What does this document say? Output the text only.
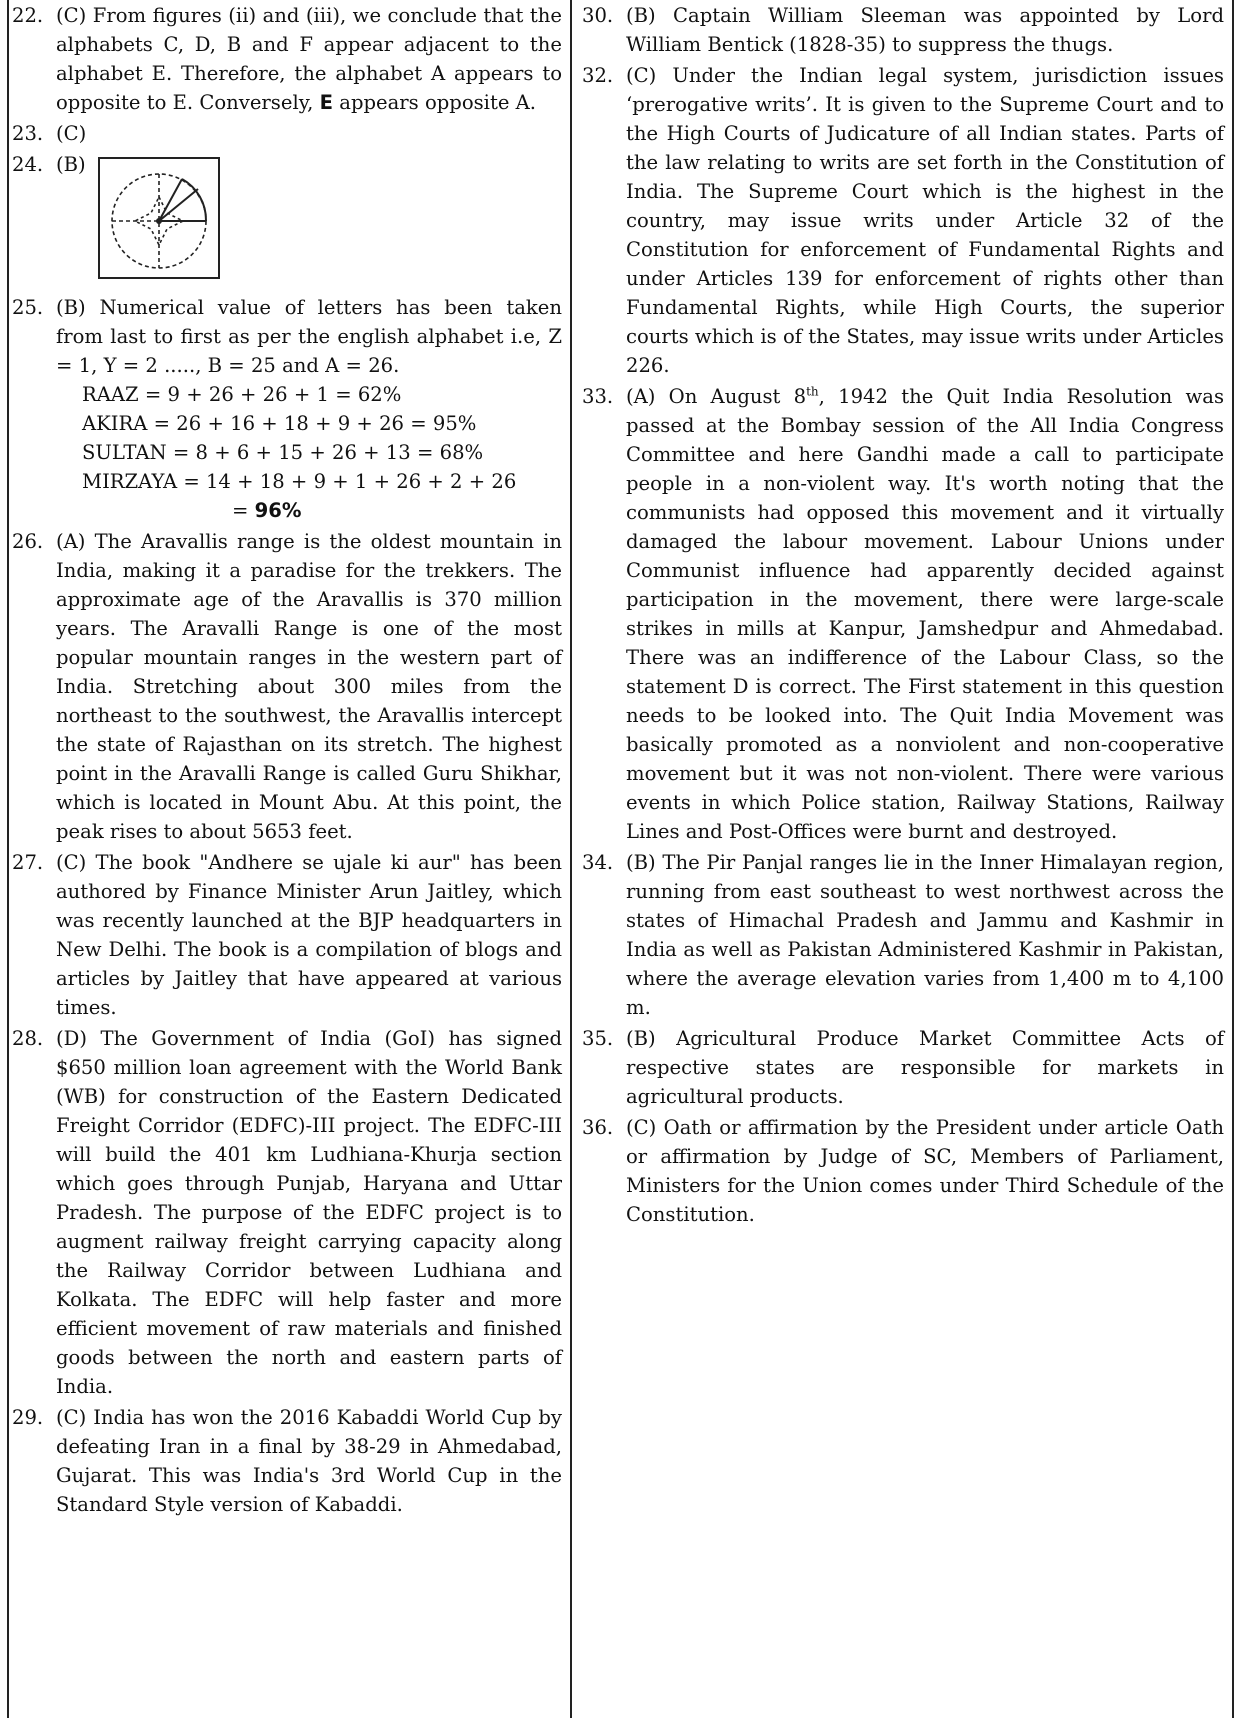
22. (C) From figures (ii) and (iii), we conclude that the alphabets C, D, B and F appear adjacent to the alphabet E. Therefore, the alphabet A appears to opposite to E. Conversely, E appears opposite A.
23. (C)
24. (B)
25. (B) Numerical value of letters has been taken from last to first as per the english alphabet i.e, Z = 1, Y = 2 ....., B = 25 and A = 26.
RAAZ = 9 + 26 + 26 + 1 = 62%
AKIRA = 26 + 16 + 18 + 9 + 26 = 95%
SULTAN = 8 + 6 + 15 + 26 + 13 = 68%
MIRZAYA = 14 + 18 + 9 + 1 + 26 + 2 + 26
= 96%
26. (A) The Aravallis range is the oldest mountain in India, making it a paradise for the trekkers. The approximate age of the Aravallis is 370 million years. The Aravalli Range is one of the most popular mountain ranges in the western part of India. Stretching about 300 miles from the northeast to the southwest, the Aravallis intercept the state of Rajasthan on its stretch. The highest point in the Aravalli Range is called Guru Shikhar, which is located in Mount Abu. At this point, the peak rises to about 5653 feet.
27. (C) The book "Andhere se ujale ki aur" has been authored by Finance Minister Arun Jaitley, which was recently launched at the BJP headquarters in New Delhi. The book is a compilation of blogs and articles by Jaitley that have appeared at various times.
28. (D) The Government of India (GoI) has signed $650 million loan agreement with the World Bank (WB) for construction of the Eastern Dedicated Freight Corridor (EDFC)-III project. The EDFC-III will build the 401 km Ludhiana-Khurja section which goes through Punjab, Haryana and Uttar Pradesh. The purpose of the EDFC project is to augment railway freight carrying capacity along the Railway Corridor between Ludhiana and Kolkata. The EDFC will help faster and more efficient movement of raw materials and finished goods between the north and eastern parts of India.
29. (C) India has won the 2016 Kabaddi World Cup by defeating Iran in a final by 38-29 in Ahmedabad, Gujarat. This was India's 3rd World Cup in the Standard Style version of Kabaddi.
30. (B) Captain William Sleeman was appointed by Lord William Bentick (1828-35) to suppress the thugs.
32. (C) Under the Indian legal system, jurisdiction issues ‘prerogative writs’. It is given to the Supreme Court and to the High Courts of Judicature of all Indian states. Parts of the law relating to writs are set forth in the Constitution of India. The Supreme Court which is the highest in the country, may issue writs under Article 32 of the Constitution for enforcement of Fundamental Rights and under Articles 139 for enforcement of rights other than Fundamental Rights, while High Courts, the superior courts which is of the States, may issue writs under Articles 226.
33. (A) On August 8th, 1942 the Quit India Resolution was passed at the Bombay session of the All India Congress Committee and here Gandhi made a call to participate people in a non-violent way. It's worth noting that the communists had opposed this movement and it virtually damaged the labour movement. Labour Unions under Communist influence had apparently decided against participation in the movement, there were large-scale strikes in mills at Kanpur, Jamshedpur and Ahmedabad. There was an indifference of the Labour Class, so the statement D is correct. The First statement in this question needs to be looked into. The Quit India Movement was basically promoted as a nonviolent and non-cooperative movement but it was not non-violent. There were various events in which Police station, Railway Stations, Railway Lines and Post-Offices were burnt and destroyed.
34. (B) The Pir Panjal ranges lie in the Inner Himalayan region, running from east southeast to west northwest across the states of Himachal Pradesh and Jammu and Kashmir in India as well as Pakistan Administered Kashmir in Pakistan, where the average elevation varies from 1,400 m to 4,100 m.
35. (B) Agricultural Produce Market Committee Acts of respective states are responsible for markets in agricultural products.
36. (C) Oath or affirmation by the President under article Oath or affirmation by Judge of SC, Members of Parliament, Ministers for the Union comes under Third Schedule of the Constitution.
